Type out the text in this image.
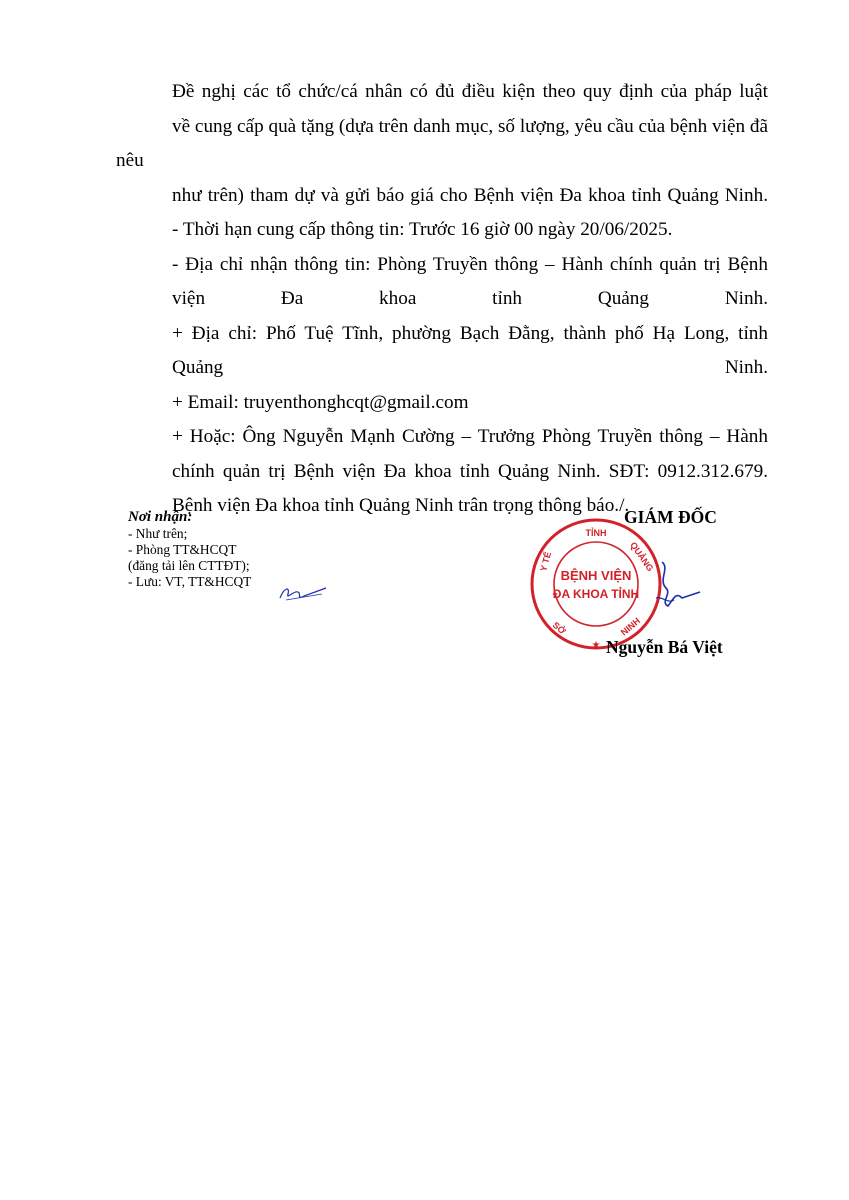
Đề nghị các tổ chức/cá nhân có đủ điều kiện theo quy định của pháp luật
về cung cấp quà tặng (dựa trên danh mục, số lượng, yêu cầu của bệnh viện đã nêu
như trên) tham dự và gửi báo giá cho Bệnh viện Đa khoa tỉnh Quảng Ninh.

- Thời hạn cung cấp thông tin: Trước 16 giờ 00 ngày 20/06/2025.

- Địa chỉ nhận thông tin: Phòng Truyền thông – Hành chính quản trị Bệnh
viện Đa khoa tỉnh Quảng Ninh.

+ Địa chỉ: Phố Tuệ Tĩnh, phường Bạch Đằng, thành phố Hạ Long, tỉnh
Quảng Ninh.

+ Email: truyenthonghcqt@gmail.com

+ Hoặc: Ông Nguyễn Mạnh Cường – Trưởng Phòng Truyền thông – Hành
chính quản trị Bệnh viện Đa khoa tỉnh Quảng Ninh. SĐT: 0912.312.679.

Bệnh viện Đa khoa tỉnh Quảng Ninh trân trọng thông báo./.

Nơi nhận:
- Như trên;
- Phòng TT&HCQT
(đăng tải lên CTTĐT);
- Lưu: VT, TT&HCQT
GIÁM ĐỐC
TỈNH
QUẢNG
Y TẾ
SỞ	NINH
BỆNH VIỆN
ĐA KHOA TỈNH
★ Nguyễn Bá Việt
